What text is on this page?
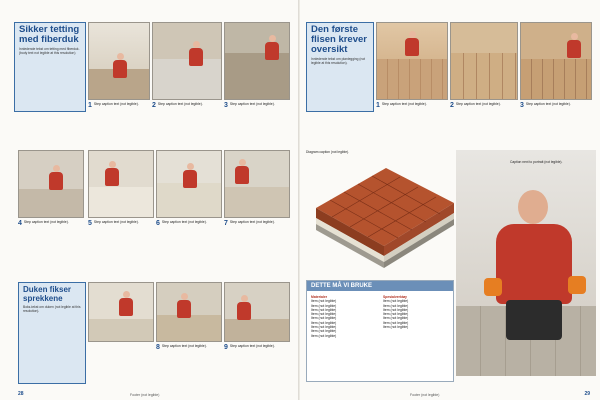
Sikker tetting med fiberduk

Innledende tekst om tetting med fiberduk. (body text not legible at this resolution)

1 Step caption text (not legible).	2 Step caption text (not legible).	3 Step caption text (not legible).
4 Step caption text (not legible).	5 Step caption text (not legible).	6 Step caption text (not legible).	7 Step caption text (not legible).
Duken fikser sprekkene

Boks-tekst om duken (not legible at this resolution).

8 Step caption text (not legible).	9 Step caption text (not legible).
28	Footer (not legible)
Den første flisen krever oversikt

Innledende tekst om planlegging (not legible at this resolution).

1 Step caption text (not legible).	2 Step caption text (not legible).	3 Step caption text (not legible).
Diagram caption (not legible).
Caption next to portrait (not legible).
DETTE MÅ VI BRUKE
Materialer
Item (not legible)
Item (not legible)
Item (not legible)
Item (not legible)
Item (not legible)
Item (not legible)
Item (not legible)
Item (not legible)
Item (not legible)
Spesialverktøy
Item (not legible)
Item (not legible)
Item (not legible)
Item (not legible)
Item (not legible)
Item (not legible)
Item (not legible)
Footer (not legible)	29
